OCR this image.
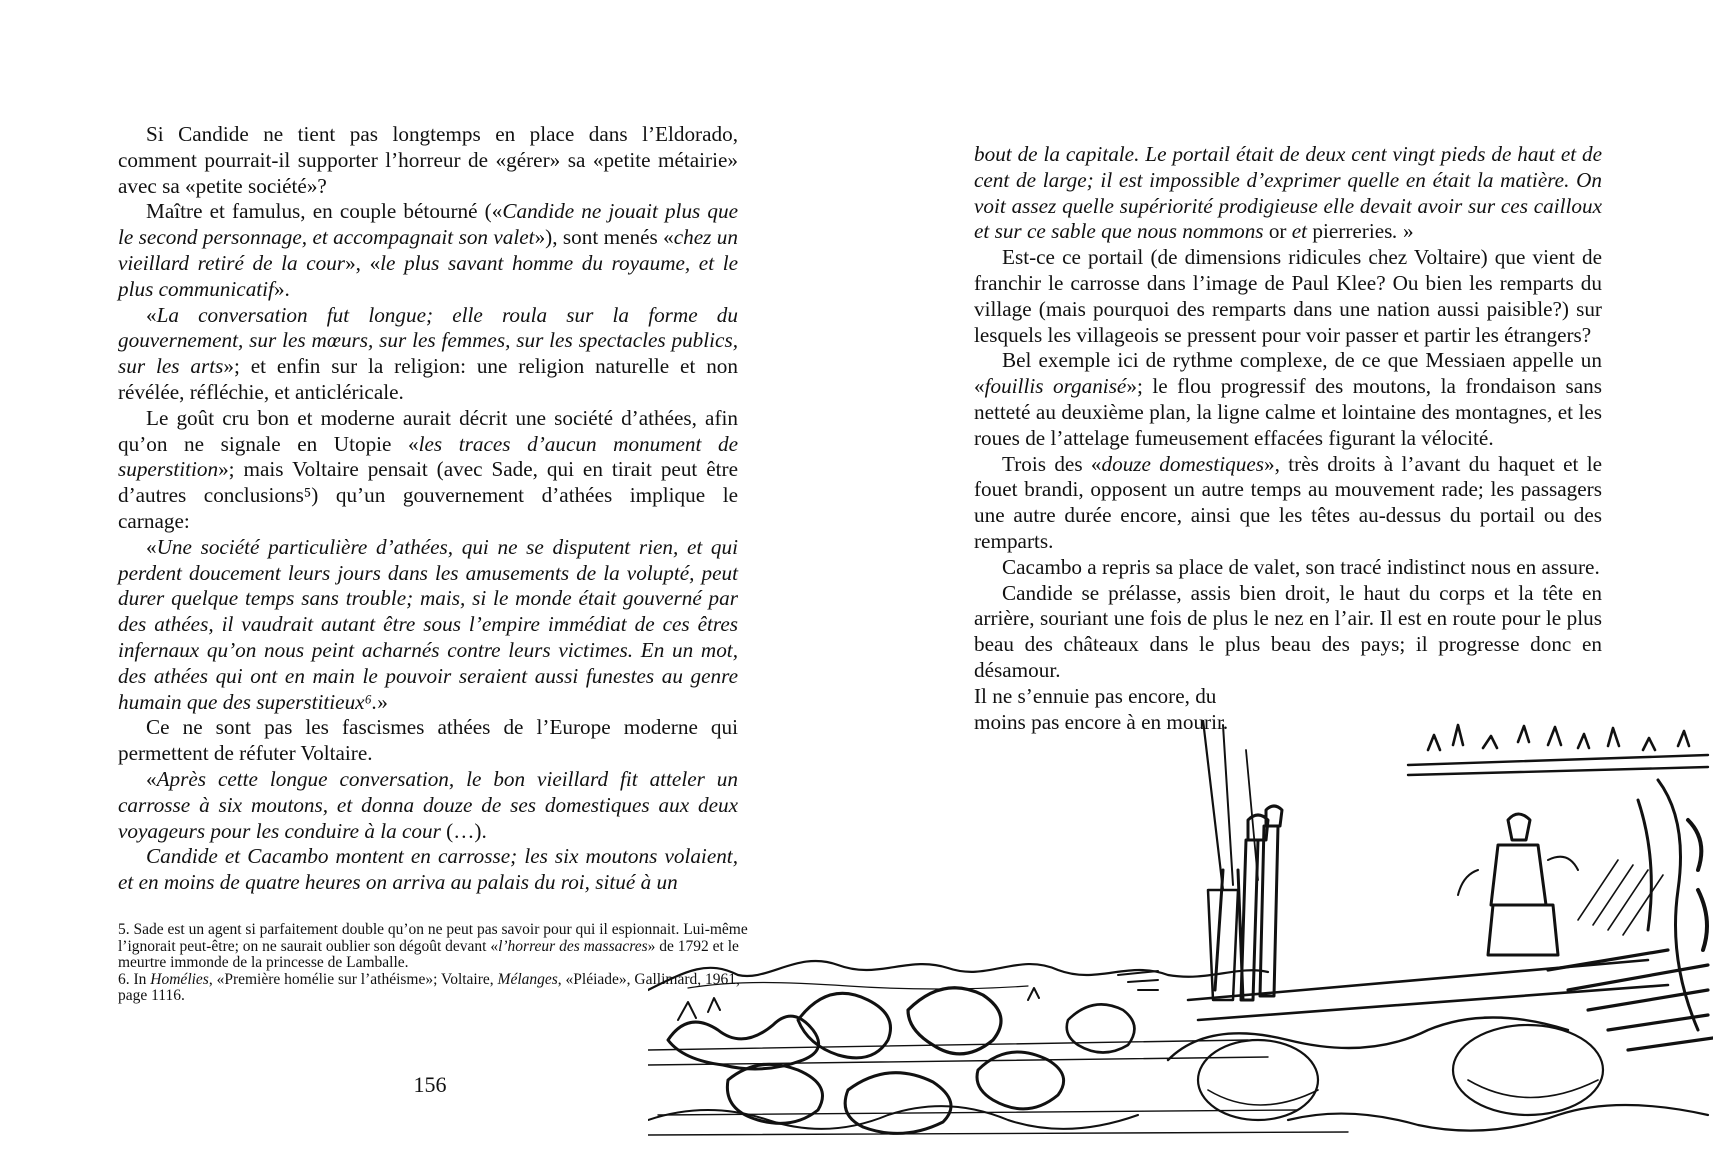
Si Candide ne tient pas longtemps en place dans l’Eldorado, comment pourrait-il supporter l’horreur de «gérer» sa «petite métairie» avec sa «petite société»?

Maître et famulus, en couple bétourné («Candide ne jouait plus que le second personnage, et accompagnait son valet»), sont menés «chez un vieillard retiré de la cour», «le plus savant homme du royaume, et le plus communicatif».

«La conversation fut longue; elle roula sur la forme du gouvernement, sur les mœurs, sur les femmes, sur les spectacles publics, sur les arts»; et enfin sur la religion: une religion naturelle et non révélée, réfléchie, et anticléricale.

Le goût cru bon et moderne aurait décrit une société d’athées, afin qu’on ne signale en Utopie «les traces d’aucun monument de superstition»; mais Voltaire pensait (avec Sade, qui en tirait peut être d’autres conclusions⁵) qu’un gouvernement d’athées implique le carnage:

«Une société particulière d’athées, qui ne se disputent rien, et qui perdent doucement leurs jours dans les amusements de la volupté, peut durer quelque temps sans trouble; mais, si le monde était gouverné par des athées, il vaudrait autant être sous l’empire immédiat de ces êtres infernaux qu’on nous peint acharnés contre leurs victimes. En un mot, des athées qui ont en main le pouvoir seraient aussi funestes au genre humain que des superstitieux⁶.»

Ce ne sont pas les fascismes athées de l’Europe moderne qui permettent de réfuter Voltaire.

«Après cette longue conversation, le bon vieillard fit atteler un carrosse à six moutons, et donna douze de ses domestiques aux deux voyageurs pour les conduire à la cour (…).

Candide et Cacambo montent en carrosse; les six moutons volaient, et en moins de quatre heures on arriva au palais du roi, situé à un

5. Sade est un agent si parfaitement double qu’on ne peut pas savoir pour qui il espionnait. Lui-même l’ignorait peut-être; on ne saurait oublier son dégoût devant «l’horreur des massacres» de 1792 et le meurtre immonde de la princesse de Lamballe.

6. In Homélies, «Première homélie sur l’athéisme»; Voltaire, Mélanges, «Pléiade», Gallimard, 1961, page 1116.

156

bout de la capitale. Le portail était de deux cent vingt pieds de haut et de cent de large; il est impossible d’exprimer quelle en était la matière. On voit assez quelle supériorité prodigieuse elle devait avoir sur ces cailloux et sur ce sable que nous nommons or et pierreries. »

Est-ce ce portail (de dimensions ridicules chez Voltaire) que vient de franchir le carrosse dans l’image de Paul Klee? Ou bien les remparts du village (mais pourquoi des remparts dans une nation aussi paisible?) sur lesquels les villageois se pressent pour voir passer et partir les étrangers?

Bel exemple ici de rythme complexe, de ce que Messiaen appelle un «fouillis organisé»; le flou progressif des moutons, la frondaison sans netteté au deuxième plan, la ligne calme et lointaine des montagnes, et les roues de l’attelage fumeusement effacées figurant la vélocité.

Trois des «douze domestiques», très droits à l’avant du haquet et le fouet brandi, opposent un autre temps au mouvement rade; les passagers une autre durée encore, ainsi que les têtes au-dessus du portail ou des remparts.

Cacambo a repris sa place de valet, son tracé indistinct nous en assure.

Candide se prélasse, assis bien droit, le haut du corps et la tête en arrière, souriant une fois de plus le nez en l’air. Il est en route pour le plus beau des châteaux dans le plus beau des pays; il progresse donc en désamour.

Il ne s’ennuie pas encore, du

moins pas encore à en mourir.
